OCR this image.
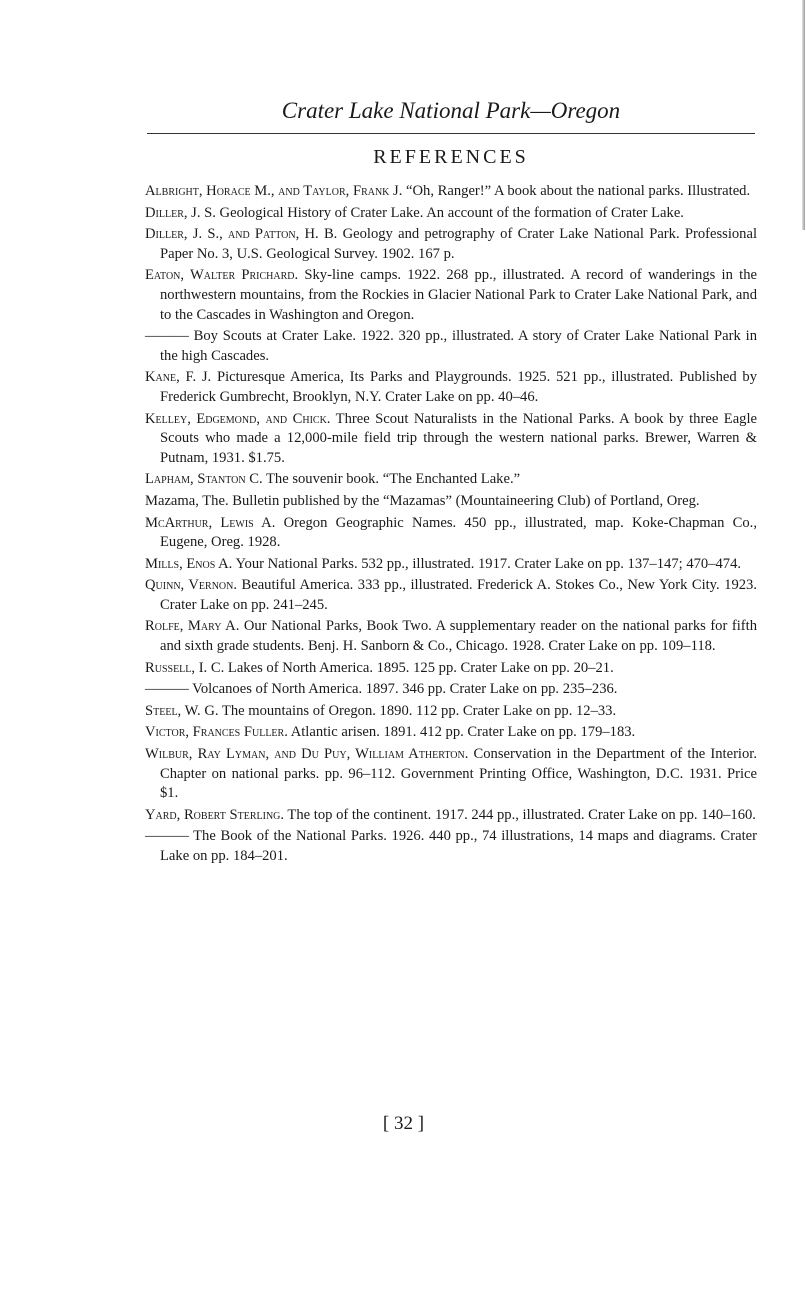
Crater Lake National Park—Oregon
REFERENCES

Albright, Horace M., and Taylor, Frank J. “Oh, Ranger!” A book about the national parks. Illustrated.

Diller, J. S. Geological History of Crater Lake. An account of the formation of Crater Lake.

Diller, J. S., and Patton, H. B. Geology and petrography of Crater Lake National Park. Professional Paper No. 3, U.S. Geological Survey. 1902. 167 p.

Eaton, Walter Prichard. Sky-line camps. 1922. 268 pp., illustrated. A record of wanderings in the northwestern mountains, from the Rockies in Glacier National Park to Crater Lake National Park, and to the Cascades in Washington and Oregon.

——— Boy Scouts at Crater Lake. 1922. 320 pp., illustrated. A story of Crater Lake National Park in the high Cascades.

Kane, F. J. Picturesque America, Its Parks and Playgrounds. 1925. 521 pp., illustrated. Published by Frederick Gumbrecht, Brooklyn, N.Y. Crater Lake on pp. 40–46.

Kelley, Edgemond, and Chick. Three Scout Naturalists in the National Parks. A book by three Eagle Scouts who made a 12,000-mile field trip through the western national parks. Brewer, Warren & Putnam, 1931. $1.75.

Lapham, Stanton C. The souvenir book. “The Enchanted Lake.”

Mazama, The. Bulletin published by the “Mazamas” (Mountaineering Club) of Portland, Oreg.

McArthur, Lewis A. Oregon Geographic Names. 450 pp., illustrated, map. Koke-Chapman Co., Eugene, Oreg. 1928.

Mills, Enos A. Your National Parks. 532 pp., illustrated. 1917. Crater Lake on pp. 137–147; 470–474.

Quinn, Vernon. Beautiful America. 333 pp., illustrated. Frederick A. Stokes Co., New York City. 1923. Crater Lake on pp. 241–245.

Rolfe, Mary A. Our National Parks, Book Two. A supplementary reader on the national parks for fifth and sixth grade students. Benj. H. Sanborn & Co., Chicago. 1928. Crater Lake on pp. 109–118.

Russell, I. C. Lakes of North America. 1895. 125 pp. Crater Lake on pp. 20–21.

——— Volcanoes of North America. 1897. 346 pp. Crater Lake on pp. 235–236.

Steel, W. G. The mountains of Oregon. 1890. 112 pp. Crater Lake on pp. 12–33.

Victor, Frances Fuller. Atlantic arisen. 1891. 412 pp. Crater Lake on pp. 179–183.

Wilbur, Ray Lyman, and Du Puy, William Atherton. Conservation in the Department of the Interior. Chapter on national parks. pp. 96–112. Government Printing Office, Washington, D.C. 1931. Price $1.

Yard, Robert Sterling. The top of the continent. 1917. 244 pp., illustrated. Crater Lake on pp. 140–160.

——— The Book of the National Parks. 1926. 440 pp., 74 illustrations, 14 maps and diagrams. Crater Lake on pp. 184–201.

[ 32 ]
